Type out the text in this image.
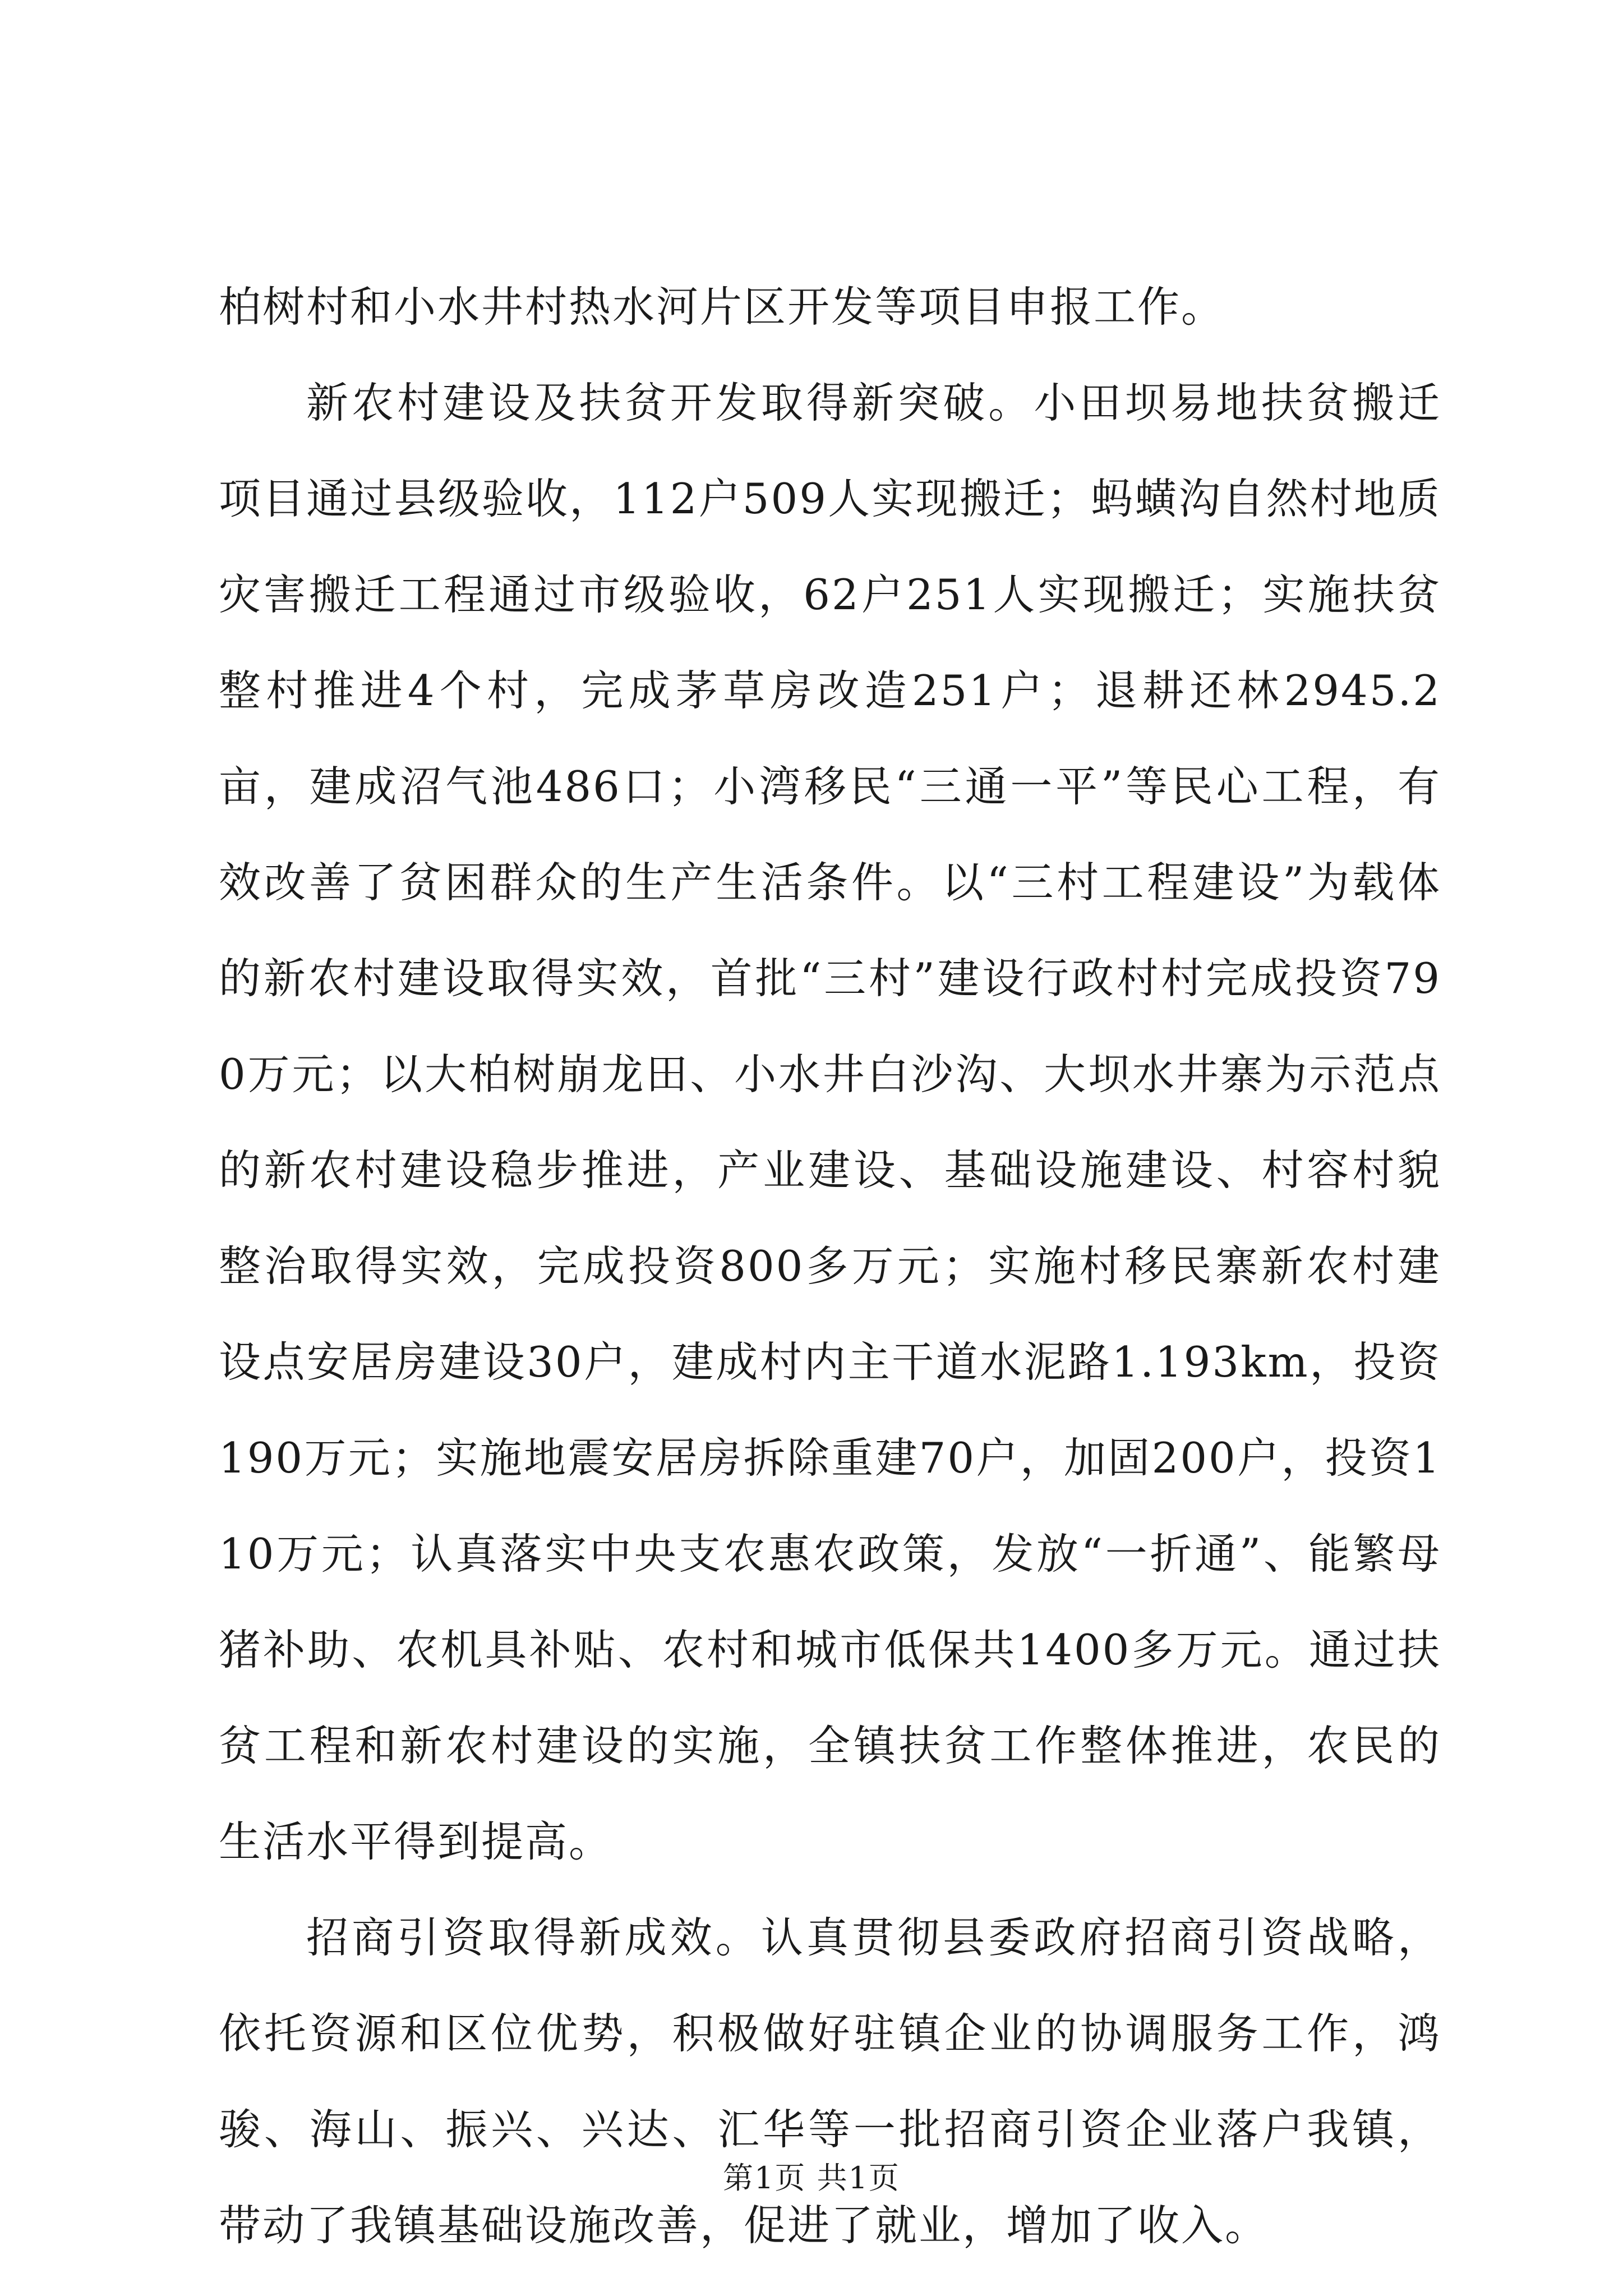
柏树村和小水井村热水河片区开发等项目申报工作。

新农村建设及扶贫开发取得新突破。小田坝易地扶贫搬迁项目通过县级验收，112户509人实现搬迁；蚂蟥沟自然村地质灾害搬迁工程通过市级验收，62户251人实现搬迁；实施扶贫整村推进4个村，完成茅草房改造251户；退耕还林2945.2亩，建成沼气池486口；小湾移民“三通一平”等民心工程，有效改善了贫困群众的生产生活条件。以“三村工程建设”为载体的新农村建设取得实效，首批“三村”建设行政村村完成投资790万元；以大柏树崩龙田、小水井白沙沟、大坝水井寨为示范点的新农村建设稳步推进，产业建设、基础设施建设、村容村貌整治取得实效，完成投资800多万元；实施村移民寨新农村建设点安居房建设30户，建成村内主干道水泥路1.193km，投资190万元；实施地震安居房拆除重建70户，加固200户，投资110万元；认真落实中央支农惠农政策，发放“一折通”、能繁母猪补助、农机具补贴、农村和城市低保共1400多万元。通过扶贫工程和新农村建设的实施，全镇扶贫工作整体推进，农民的生活水平得到提高。

招商引资取得新成效。认真贯彻县委政府招商引资战略，依托资源和区位优势，积极做好驻镇企业的协调服务工作，鸿骏、海山、振兴、兴达、汇华等一批招商引资企业落户我镇，带动了我镇基础设施改善，促进了就业，增加了收入。

第1页 共1页
